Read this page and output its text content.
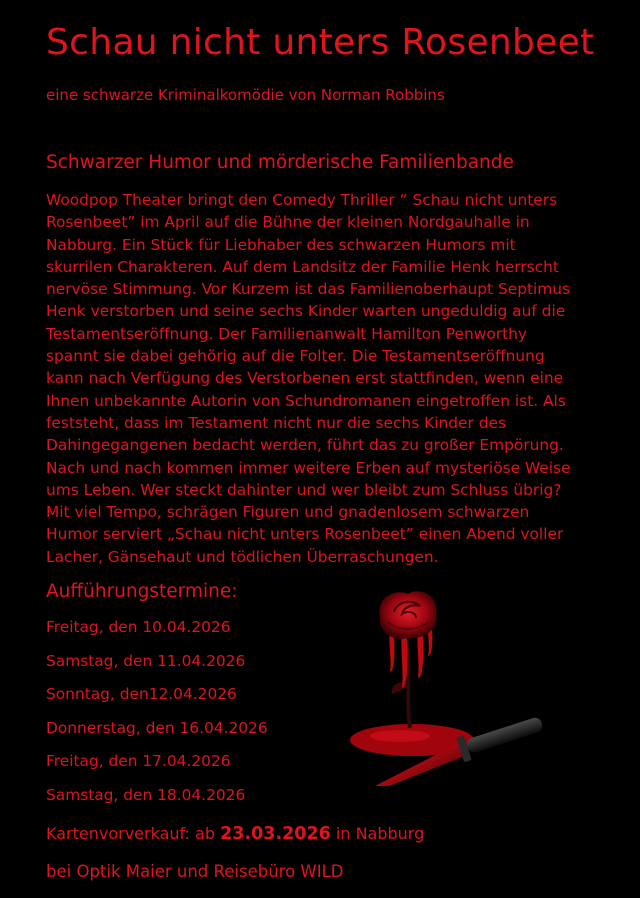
Schau nicht unters Rosenbeet
eine schwarze Kriminalkomödie von Norman Robbins
Schwarzer Humor und mörderische Familienbande
Woodpop Theater bringt den Comedy Thriller “ Schau nicht unters
Rosenbeet” im April auf die Bühne der kleinen Nordgauhalle in
Nabburg. Ein Stück für Liebhaber des schwarzen Humors mit
skurrilen Charakteren. Auf dem Landsitz der Familie Henk herrscht
nervöse Stimmung. Vor Kurzem ist das Familienoberhaupt Septimus
Henk verstorben und seine sechs Kinder warten ungeduldig auf die
Testamentseröffnung. Der Familienanwalt Hamilton Penworthy
spannt sie dabei gehörig auf die Folter. Die Testamentseröffnung
kann nach Verfügung des Verstorbenen erst stattfinden, wenn eine
Ihnen unbekannte Autorin von Schundromanen eingetroffen ist. Als
feststeht, dass im Testament nicht nur die sechs Kinder des
Dahingegangenen bedacht werden, führt das zu großer Empörung.
Nach und nach kommen immer weitere Erben auf mysteriöse Weise
ums Leben. Wer steckt dahinter und wer bleibt zum Schluss übrig?
Mit viel Tempo, schrägen Figuren und gnadenlosem schwarzen
Humor serviert „Schau nicht unters Rosenbeet” einen Abend voller
Lacher, Gänsehaut und tödlichen Überraschungen.
Aufführungstermine:
Freitag, den 10.04.2026
Samstag, den 11.04.2026
Sonntag, den12.04.2026
Donnerstag, den 16.04.2026
Freitag, den 17.04.2026
Samstag, den 18.04.2026
Kartenvorverkauf: ab 23.03.2026 in Nabburg
bei Optik Maier und Reisebüro WILD
